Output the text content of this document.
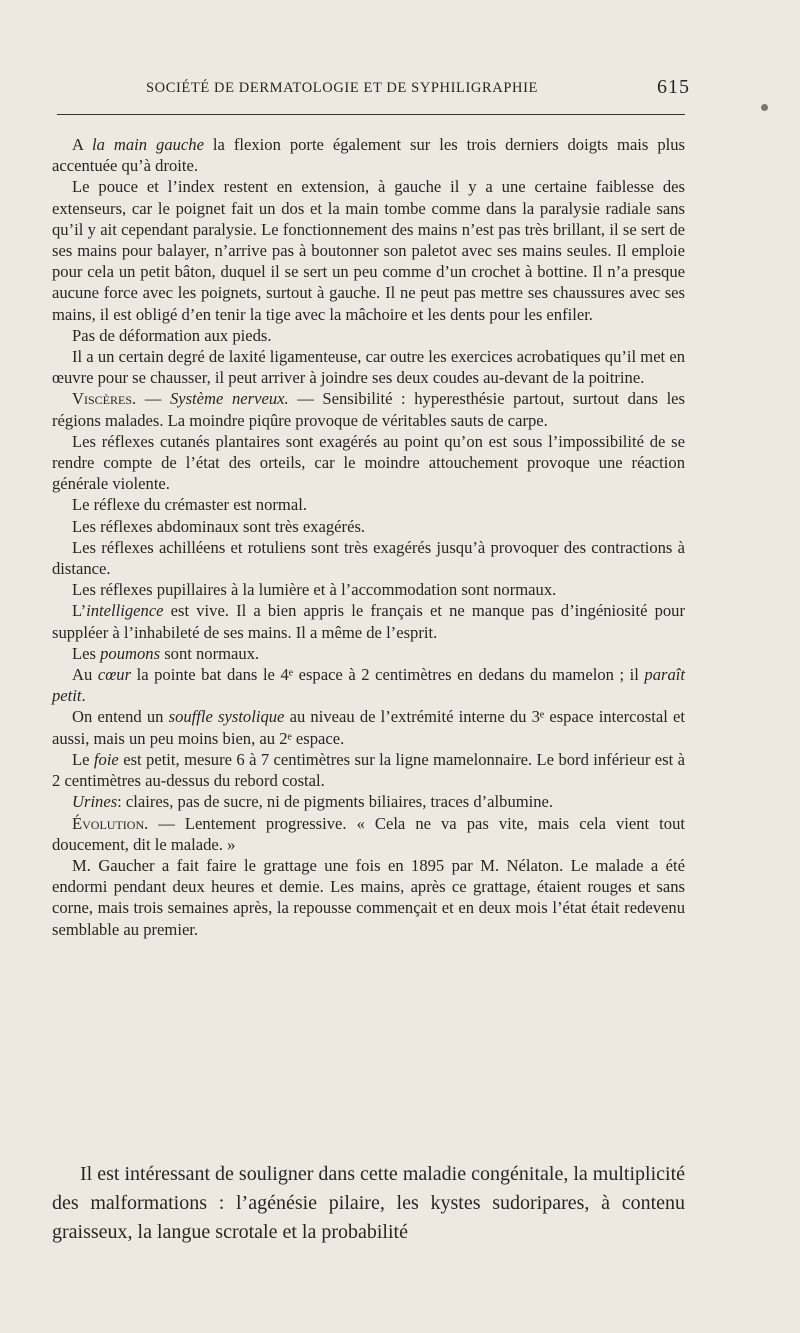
SOCIÉTÉ DE DERMATOLOGIE ET DE SYPHILIGRAPHIE	615

A la main gauche la flexion porte également sur les trois derniers doigts mais plus accentuée qu’à droite.

Le pouce et l’index restent en extension, à gauche il y a une certaine faiblesse des extenseurs, car le poignet fait un dos et la main tombe comme dans la paralysie radiale sans qu’il y ait cependant paralysie. Le fonctionnement des mains n’est pas très brillant, il se sert de ses mains pour balayer, n’arrive pas à boutonner son paletot avec ses mains seules. Il emploie pour cela un petit bâton, duquel il se sert un peu comme d’un crochet à bottine. Il n’a presque aucune force avec les poignets, surtout à gauche. Il ne peut pas mettre ses chaussures avec ses mains, il est obligé d’en tenir la tige avec la mâchoire et les dents pour les enfiler.

Pas de déformation aux pieds.

Il a un certain degré de laxité ligamenteuse, car outre les exercices acrobatiques qu’il met en œuvre pour se chausser, il peut arriver à joindre ses deux coudes au-devant de la poitrine.

Viscères. — Système nerveux. — Sensibilité : hyperesthésie partout, surtout dans les régions malades. La moindre piqûre provoque de véritables sauts de carpe.

Les réflexes cutanés plantaires sont exagérés au point qu’on est sous l’impossibilité de se rendre compte de l’état des orteils, car le moindre attouchement provoque une réaction générale violente.

Le réflexe du crémaster est normal.

Les réflexes abdominaux sont très exagérés.

Les réflexes achilléens et rotuliens sont très exagérés jusqu’à provoquer des contractions à distance.

Les réflexes pupillaires à la lumière et à l’accommodation sont normaux.

L’intelligence est vive. Il a bien appris le français et ne manque pas d’ingéniosité pour suppléer à l’inhabileté de ses mains. Il a même de l’esprit.

Les poumons sont normaux.

Au cœur la pointe bat dans le 4ᵉ espace à 2 centimètres en dedans du mamelon ; il paraît petit.

On entend un souffle systolique au niveau de l’extrémité interne du 3ᵉ espace intercostal et aussi, mais un peu moins bien, au 2ᵉ espace.

Le foie est petit, mesure 6 à 7 centimètres sur la ligne mamelonnaire. Le bord inférieur est à 2 centimètres au-dessus du rebord costal.

Urines: claires, pas de sucre, ni de pigments biliaires, traces d’albumine.

Évolution. — Lentement progressive. « Cela ne va pas vite, mais cela vient tout doucement, dit le malade. »

M. Gaucher a fait faire le grattage une fois en 1895 par M. Nélaton. Le malade a été endormi pendant deux heures et demie. Les mains, après ce grattage, étaient rouges et sans corne, mais trois semaines après, la repousse commençait et en deux mois l’état était redevenu semblable au premier.

Il est intéressant de souligner dans cette maladie congénitale, la multiplicité des malformations : l’agénésie pilaire, les kystes sudoripares, à contenu graisseux, la langue scrotale et la probabilité
